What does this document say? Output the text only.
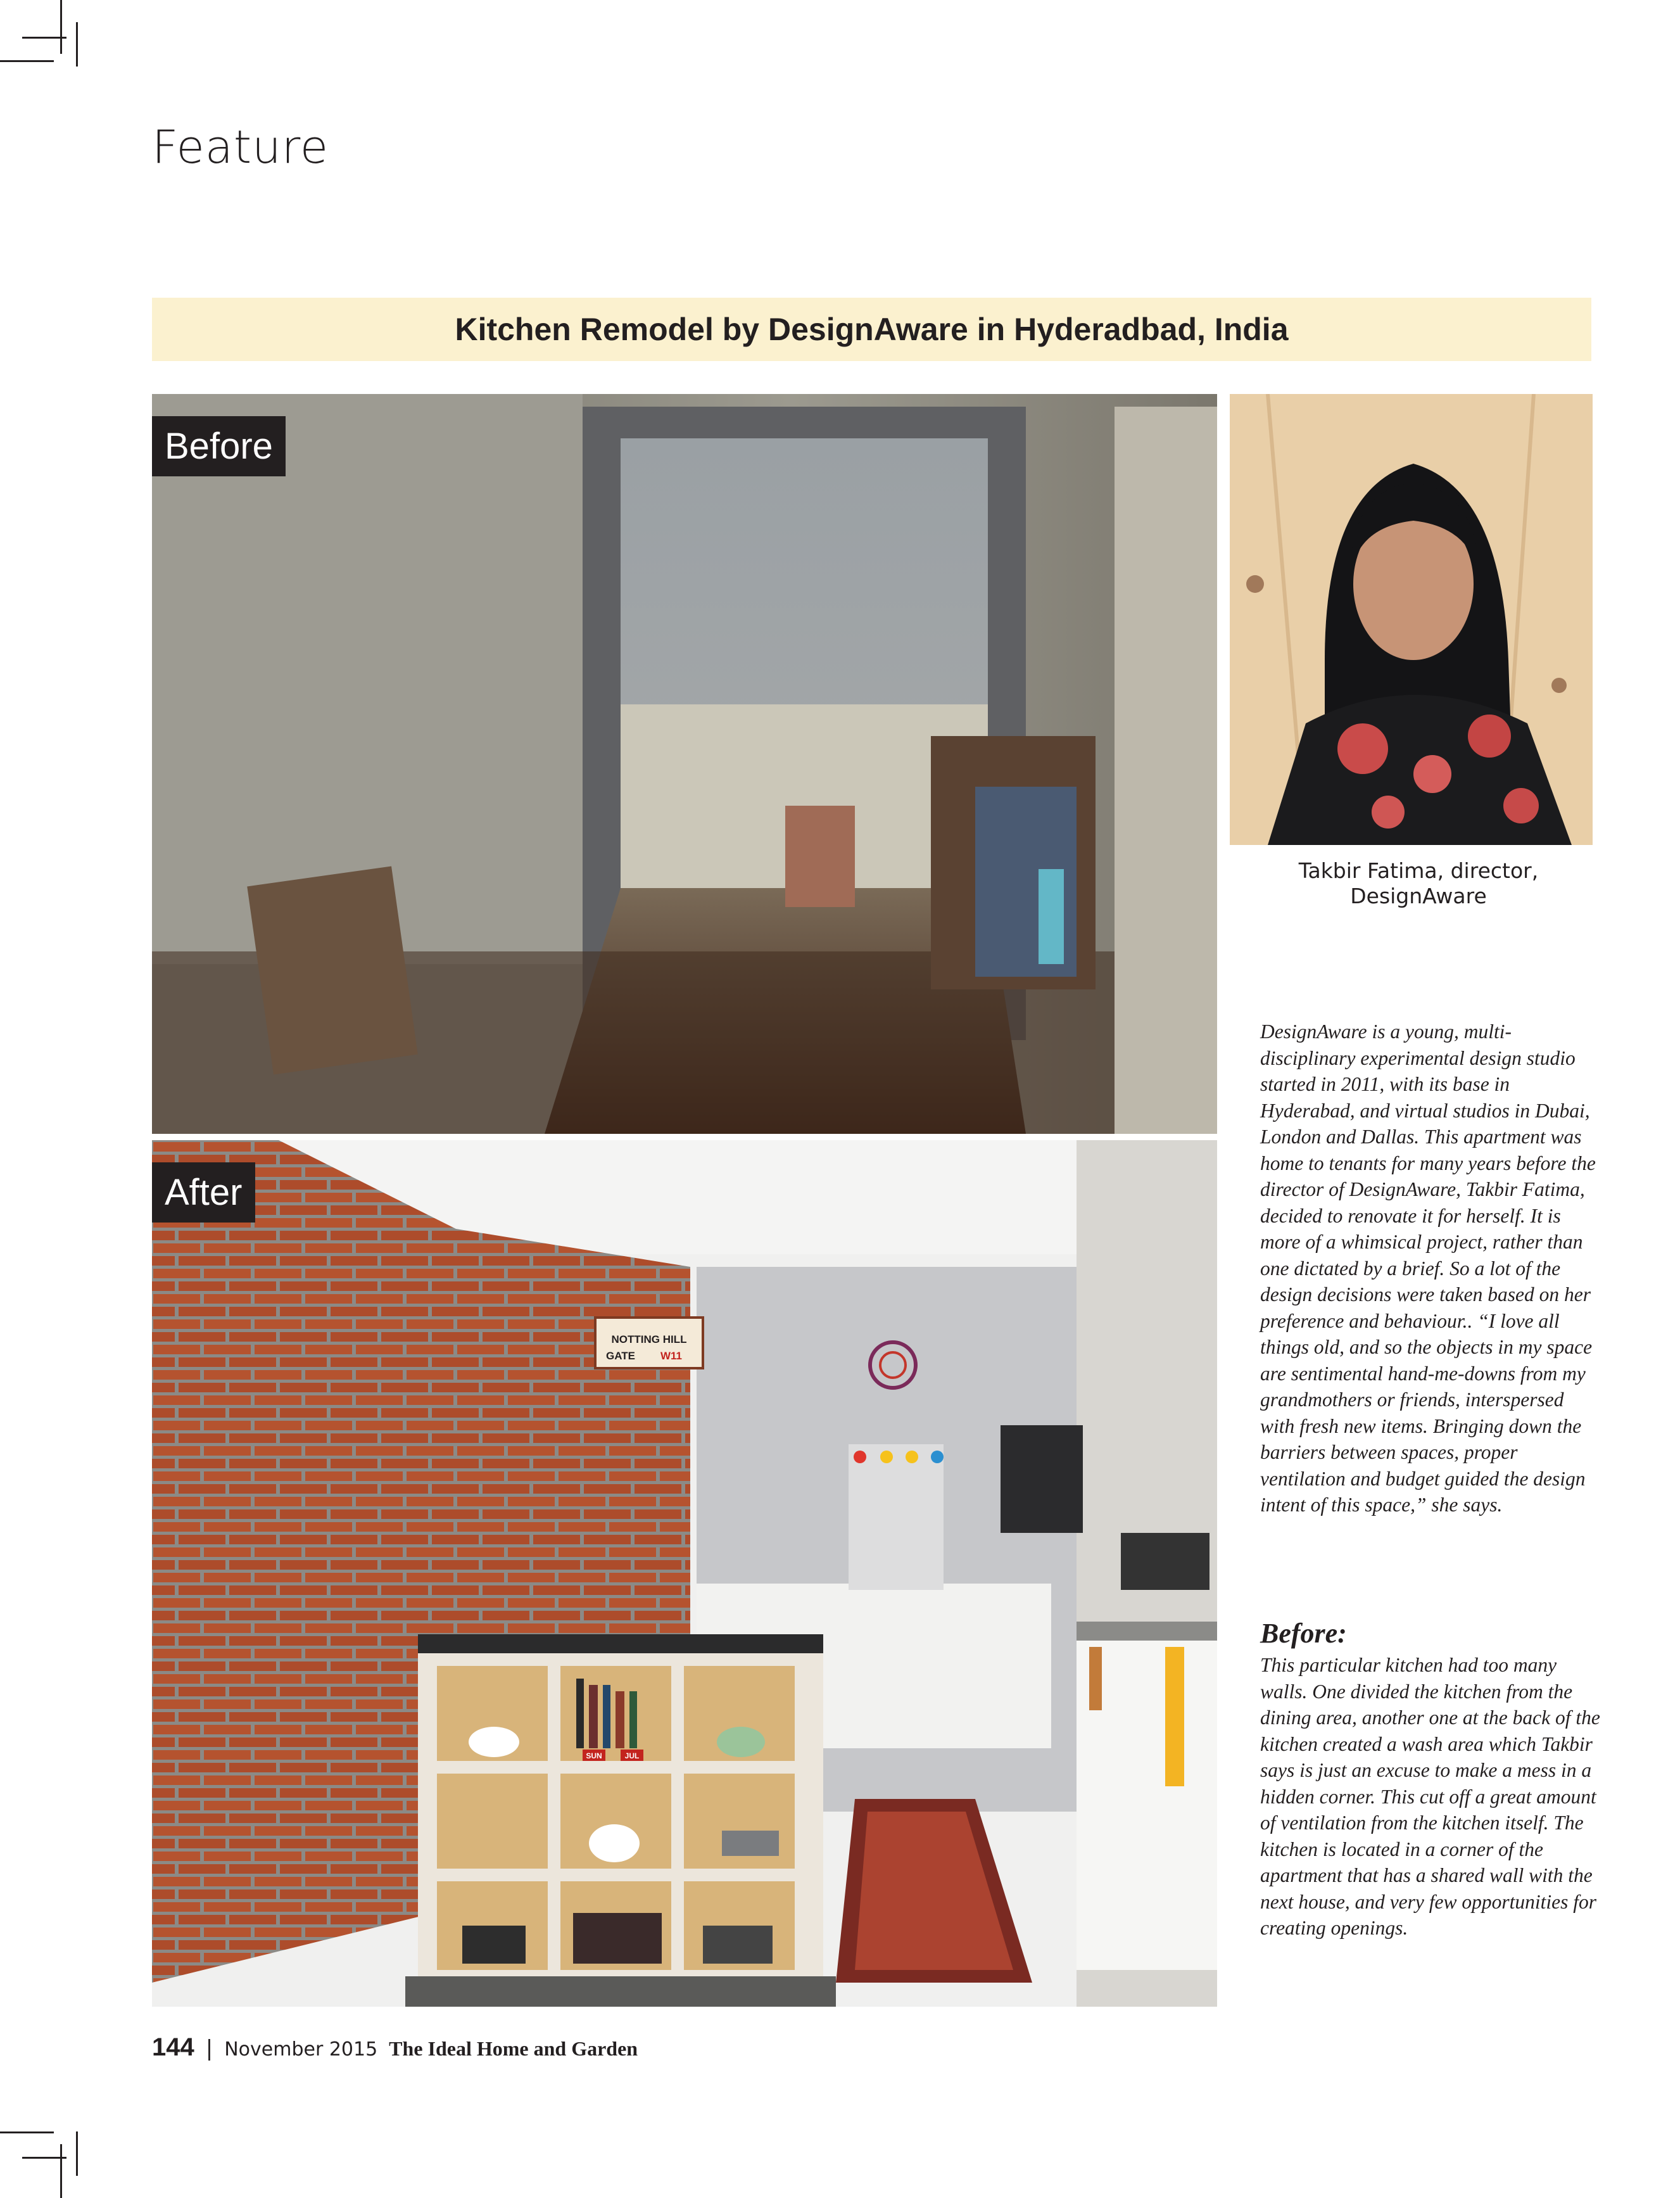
Feature
Kitchen Remodel by DesignAware in Hyderadbad, India
Before
Takbir Fatima, director,
DesignAware
NOTTING HILL
GATE W11
SUN	JUL
After
DesignAware is a young, multi-disciplinary experimental design studio started in 2011, with its base in Hyderabad, and virtual studios in Dubai, London and Dallas. This apartment was home to tenants for many years before the director of DesignAware, Takbir Fatima, decided to renovate it for herself. It is more of a whimsical project, rather than one dictated by a brief. So a lot of the design decisions were taken based on her preference and behaviour.. “I love all things old, and so the objects in my space are sentimental hand-me-downs from my grandmothers or friends, interspersed with fresh new items. Bringing down the barriers between spaces, proper ventilation and budget guided the design intent of this space,” she says.
Before:
This particular kitchen had too many walls. One divided the kitchen from the dining area, another one at the back of the kitchen created a wash area which Takbir says is just an excuse to make a mess in a hidden corner. This cut off a great amount of ventilation from the kitchen itself. The kitchen is located in a corner of the apartment that has a shared wall with the next house, and very few opportunities for creating openings.
144 | November 2015 The Ideal Home and Garden
